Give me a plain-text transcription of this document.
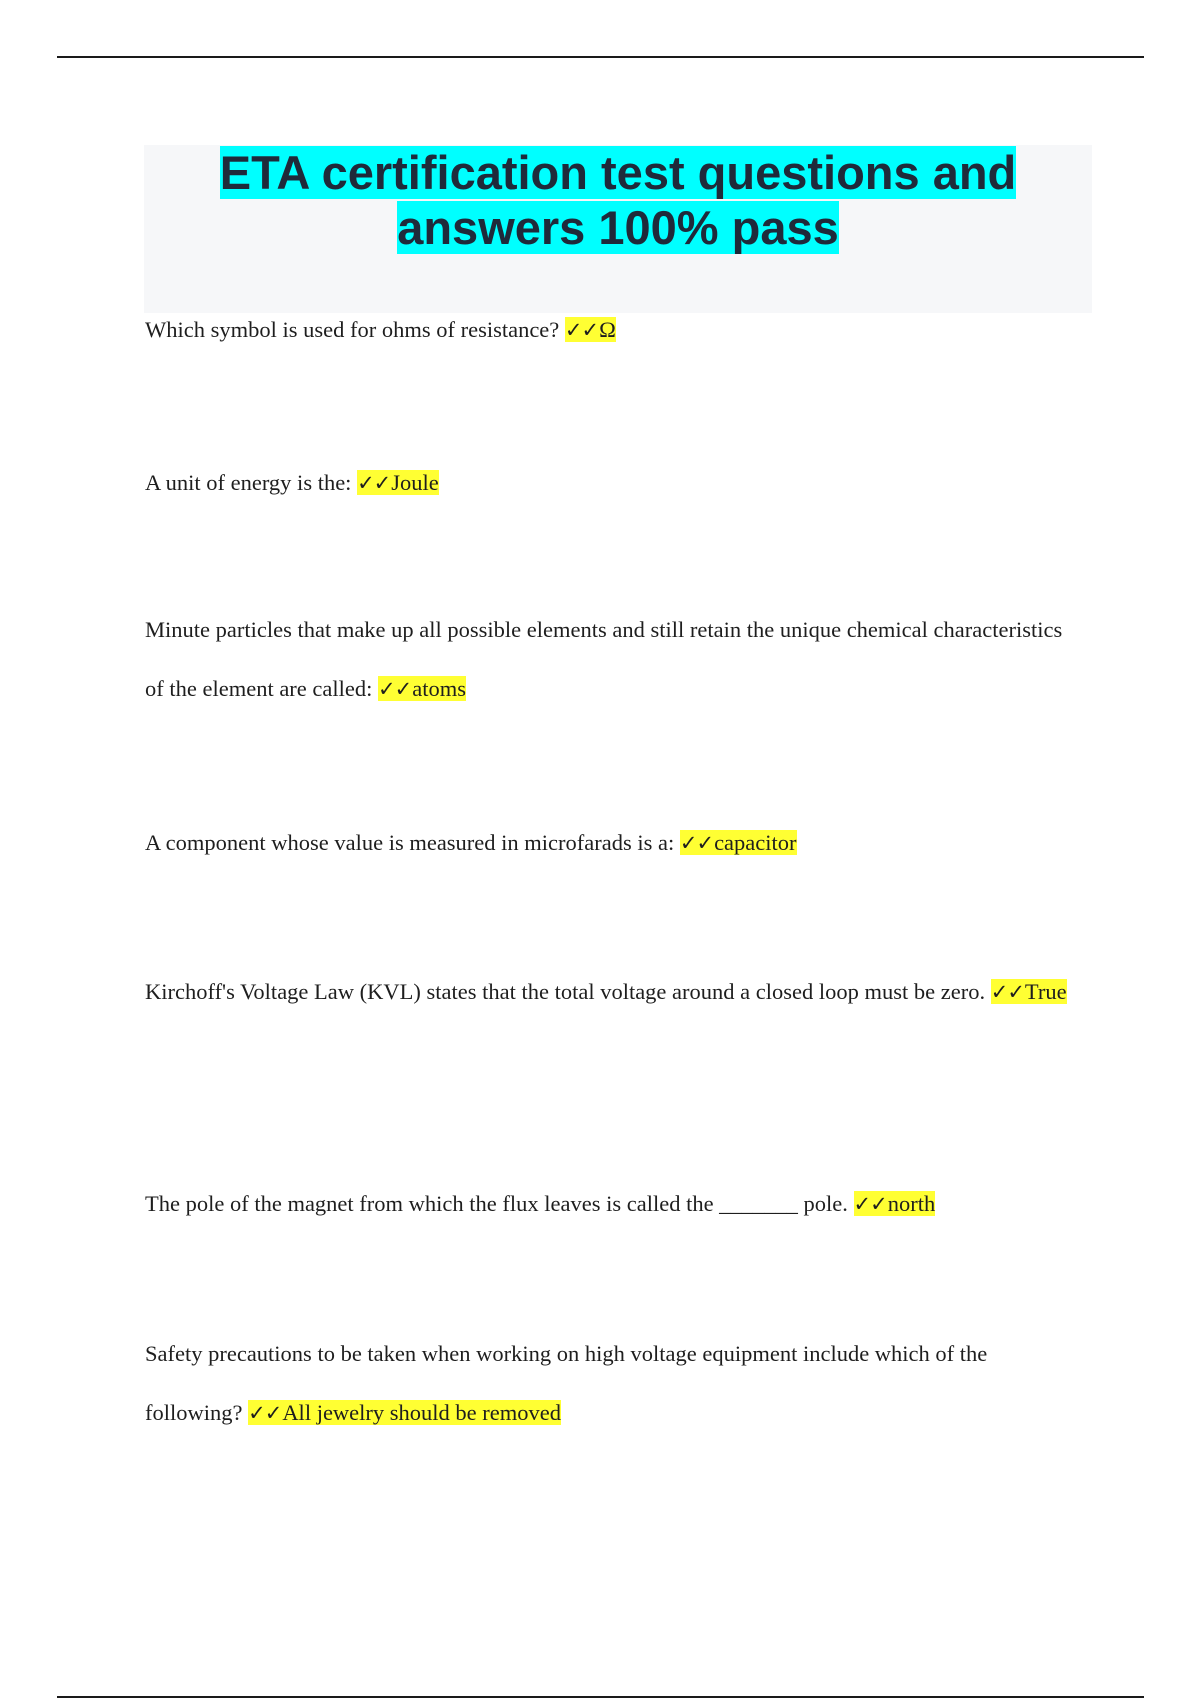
ETA certification test questions and answers 100% pass
Which symbol is used for ohms of resistance? ✓✓Ω
A unit of energy is the: ✓✓Joule
Minute particles that make up all possible elements and still retain the unique chemical characteristics of the element are called: ✓✓atoms
A component whose value is measured in microfarads is a: ✓✓capacitor
Kirchoff's Voltage Law (KVL) states that the total voltage around a closed loop must be zero. ✓✓True
The pole of the magnet from which the flux leaves is called the _______ pole. ✓✓north
Safety precautions to be taken when working on high voltage equipment include which of the following? ✓✓All jewelry should be removed
